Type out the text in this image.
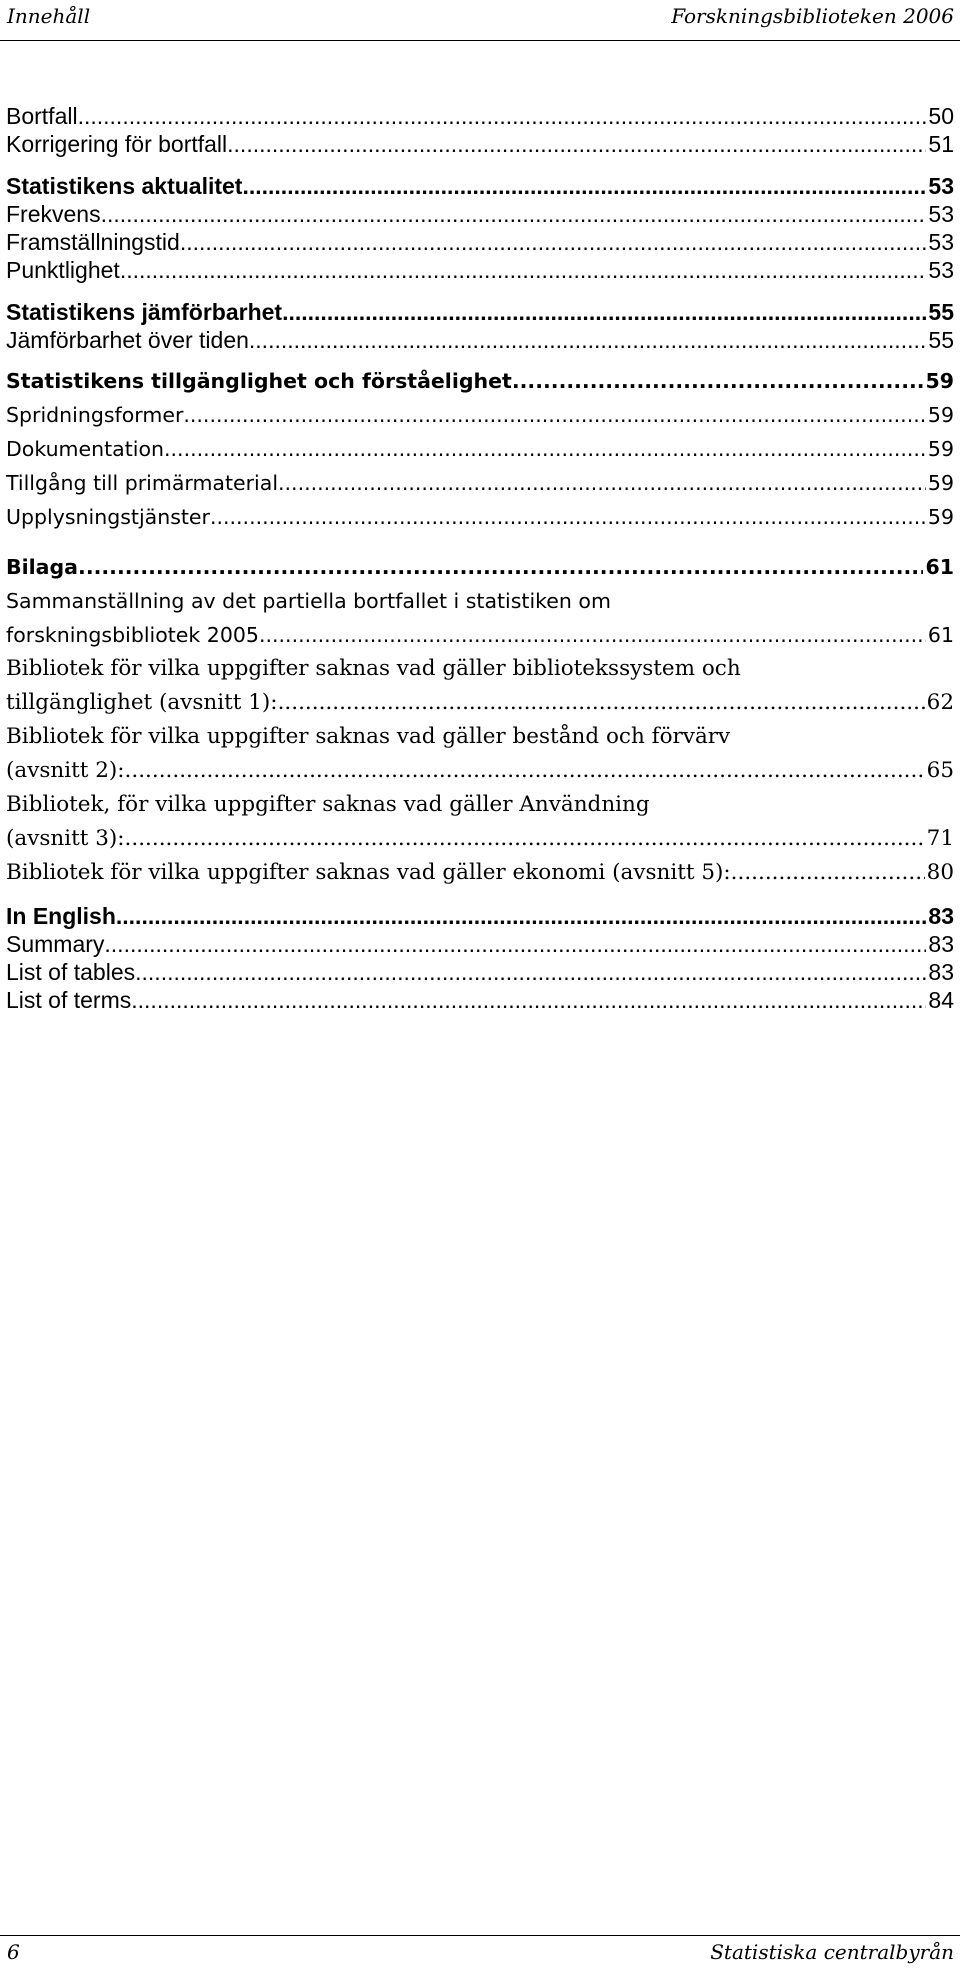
Innehåll	Forskningsbiblioteken 2006
Bortfall .....	50
Korrigering för bortfall .....	51
Statistikens aktualitet .....	53
Frekvens .....	53
Framställningstid .....	53
Punktlighet .....	53
Statistikens jämförbarhet .....	55
Jämförbarhet över tiden .....	55
Statistikens tillgänglighet och förståelighet .....	59
Spridningsformer .....	59
Dokumentation .....	59
Tillgång till primärmaterial .....	59
Upplysningstjänster .....	59
Bilaga .....	61
Sammanställning av det partiella bortfallet i statistiken om
forskningsbibliotek 2005 .....	61
Bibliotek för vilka uppgifter saknas vad gäller bibliotekssystem och
tillgänglighet (avsnitt 1): .....	62
Bibliotek för vilka uppgifter saknas vad gäller bestånd och förvärv
(avsnitt 2): .....	65
Bibliotek, för vilka uppgifter saknas vad gäller Användning
(avsnitt 3): .....	71
Bibliotek för vilka uppgifter saknas vad gäller ekonomi (avsnitt 5): .....	80
In English .....	83
Summary .....	83
List of tables .....	83
List of terms .....	84
6	Statistiska centralbyrån
